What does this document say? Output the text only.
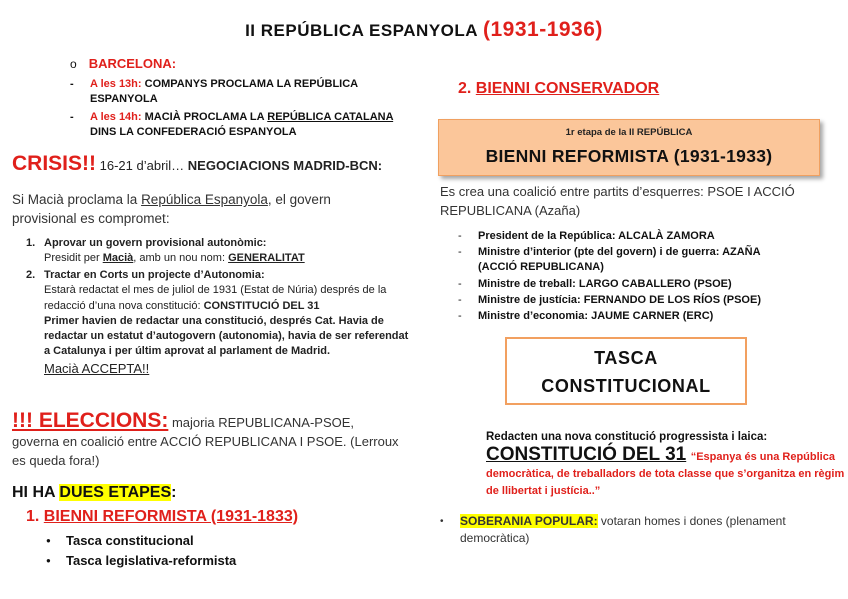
II REPÚBLICA ESPANYOLA (1931-1936)
o BARCELONA:
- A les 13h: COMPANYS PROCLAMA LA REPÚBLICA ESPANYOLA
- A les 14h: MACIÀ PROCLAMA LA REPÚBLICA CATALANA DINS LA CONFEDERACIÓ ESPANYOLA
CRISIS!! 16-21 d’abril… NEGOCIACIONS MADRID-BCN:
Si Macià proclama la República Espanyola, el govern provisional es compromet:
1. Aprovar un govern provisional autonòmic:
Presidit per Macià, amb un nou nom: GENERALITAT
2. Tractar en Corts un projecte d’Autonomia:
Estarà redactat el mes de juliol de 1931 (Estat de Núria) després de la redacció d’una nova constitució: CONSTITUCIÓ DEL 31
Primer havien de redactar una constitució, després Cat. Havia de redactar un estatut d’autogovern (autonomia), havia de ser referendat a Catalunya i per últim aprovat al parlament de Madrid.
Macià ACCEPTA!!
!!! ELECCIONS: majoria REPUBLICANA-PSOE, governa en coalició entre ACCIÓ REPUBLICANA I PSOE. (Lerroux es queda fora!)
HI HA DUES ETAPES:
1. BIENNI REFORMISTA (1931-1833)
● Tasca constitucional
● Tasca legislativa-reformista
2. BIENNI CONSERVADOR
1r etapa de la II REPÚBLICA
BIENNI REFORMISTA (1931-1933)
Es crea una coalició entre partits d’esquerres: PSOE I ACCIÓ REPUBLICANA (Azaña)
- President de la República: ALCALÀ ZAMORA
- Ministre d’interior (pte del govern) i de guerra: AZAÑA (ACCIÓ REPUBLICANA)
- Ministre de treball: LARGO CABALLERO (PSOE)
- Ministre de justícia: FERNANDO DE LOS RÍOS (PSOE)
- Ministre d’economia: JAUME CARNER (ERC)
TASCA
CONSTITUCIONAL
Redacten una nova constitució progressista i laica:
CONSTITUCIÓ DEL 31 “Espanya és una República democràtica, de treballadors de tota classe que s’organitza en règim de llibertat i justícia..”
• SOBERANIA POPULAR: votaran homes i dones (plenament democràtica)
